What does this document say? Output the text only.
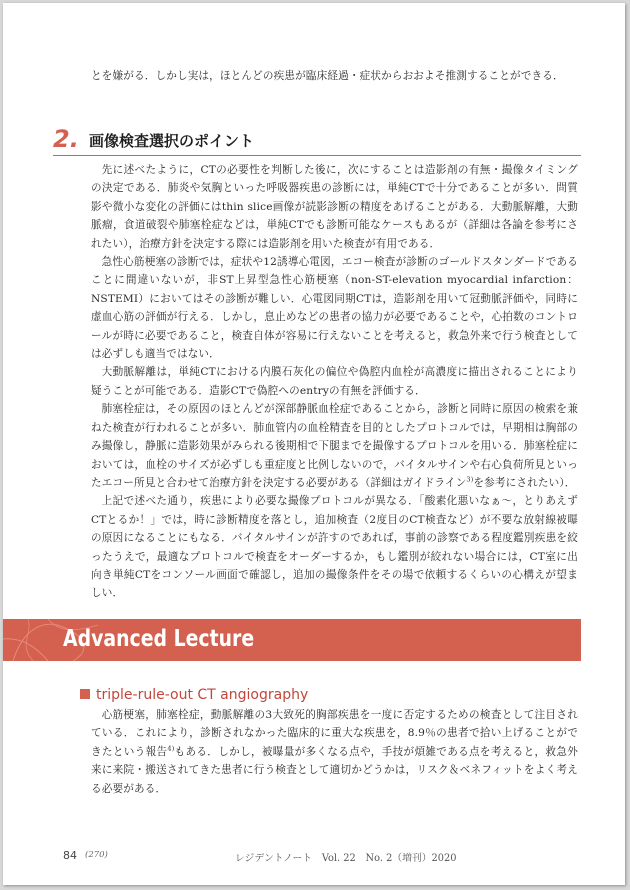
とを嫌がる．しかし実は，ほとんどの疾患が臨床経過・症状からおおよそ推測することができる．

2. 画像検査選択のポイント

先に述べたように，CTの必要性を判断した後に，次にすることは造影剤の有無・撮像タイミングの決定である．肺炎や気胸といった呼吸器疾患の診断には，単純CTで十分であることが多い．問質影や微小な変化の評価にはthin slice画像が読影診断の精度をあげることがある．大動脈解離，大動脈瘤，食道破裂や肺塞栓症などは，単純CTでも診断可能なケースもあるが（詳細は各論を参考にされたい），治療方針を決定する際には造影剤を用いた検査が有用である．

急性心筋梗塞の診断では，症状や12誘導心電図，エコー検査が診断のゴールドスタンダードであることに間違いないが，非ST上昇型急性心筋梗塞（non-ST-elevation myocardial infarction：NSTEMI）においてはその診断が難しい．心電図同期CTは，造影剤を用いて冠動脈評価や，同時に虚血心筋の評価が行える．しかし，息止めなどの患者の協力が必要であることや，心拍数のコントロールが時に必要であること，検査自体が容易に行えないことを考えると，救急外来で行う検査としては必ずしも適当ではない．

大動脈解離は，単純CTにおける内膜石灰化の偏位や偽腔内血栓が高濃度に描出されることにより疑うことが可能である．造影CTで偽腔へのentryの有無を評価する．

肺塞栓症は，その原因のほとんどが深部静脈血栓症であることから，診断と同時に原因の検索を兼ねた検査が行われることが多い．肺血管内の血栓精査を目的としたプロトコルでは，早期相は胸部のみ撮像し，静脈に造影効果がみられる後期相で下腿までを撮像するプロトコルを用いる．肺塞栓症においては，血栓のサイズが必ずしも重症度と比例しないので，バイタルサインや右心負荷所見といったエコー所見と合わせて治療方針を決定する必要がある（詳細はガイドライン$^{3)}$を参考にされたい）．

上記で述べた通り，疾患により必要な撮像プロトコルが異なる．「酸素化悪いなぁ〜，とりあえずCTとるか！」では，時に診断精度を落とし，追加検査（2度目のCT検査など）が不要な放射線被曝の原因になることにもなる．バイタルサインが許すのであれば，事前の診察である程度鑑別疾患を絞ったうえで，最適なプロトコルで検査をオーダーするか，もし鑑別が絞れない場合には，CT室に出向き単純CTをコンソール画面で確認し，追加の撮像条件をその場で依頼するくらいの心構えが望ましい．

Advanced Lecture
triple-rule-out CT angiography

心筋梗塞，肺塞栓症，動脈解離の3大致死的胸部疾患を一度に否定するための検査として注目されている．これにより，診断されなかった臨床的に重大な疾患を，8.9％の患者で拾い上げることができたという報告$^{4)}$もある．しかし，被曝量が多くなる点や，手技が煩雑である点を考えると，救急外来に来院・搬送されてきた患者に行う検査として適切かどうかは，リスク＆ベネフィットをよく考える必要がある．

84 (270)	レジデントノート　Vol. 22　No. 2（増刊）2020
